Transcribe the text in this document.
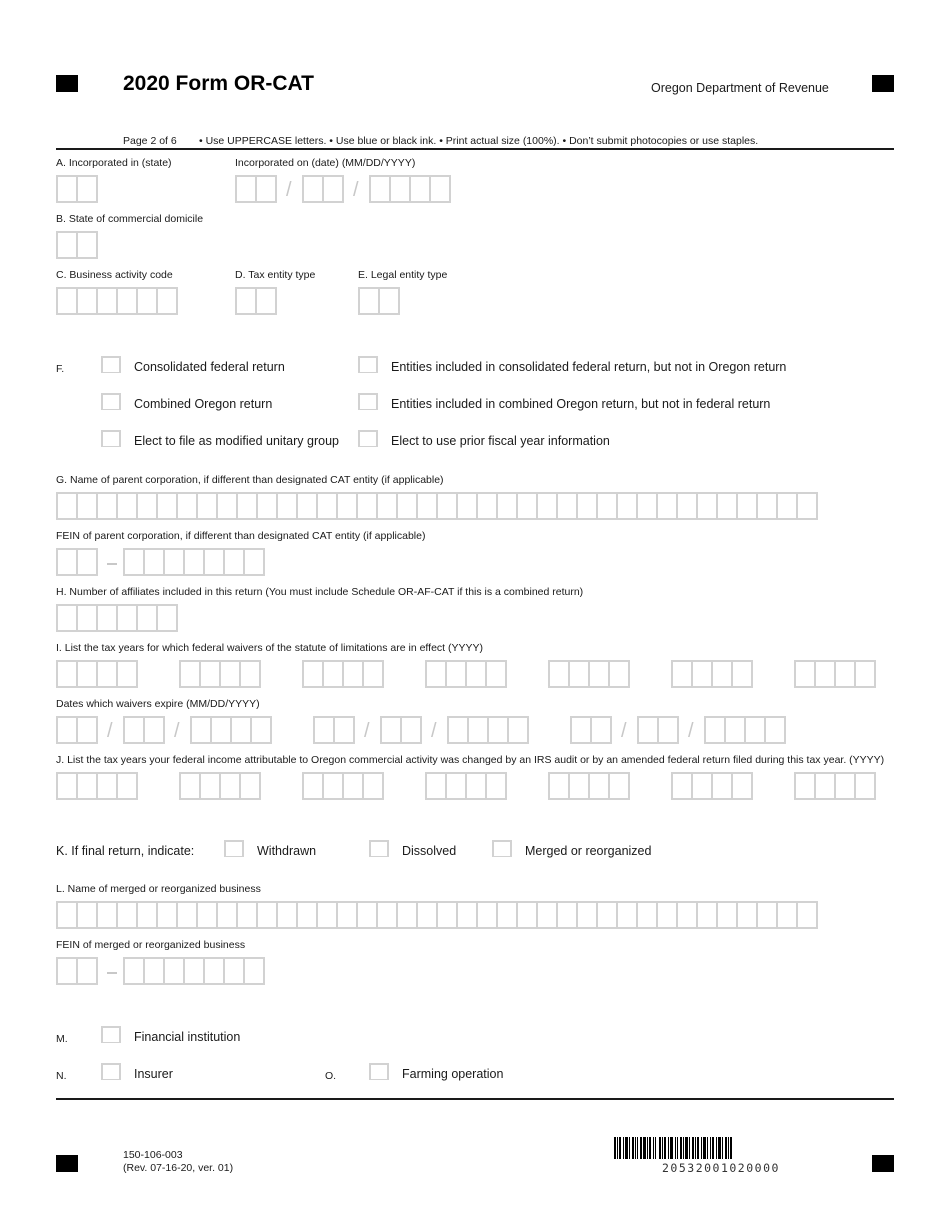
2020 Form OR-CAT	Oregon Department of Revenue
Page 2 of 6 • Use UPPERCASE letters. • Use blue or black ink. • Print actual size (100%). • Don’t submit photocopies or use staples.
A. Incorporated in (state)	Incorporated on (date) (MM/DD/YYYY)
/	/
B. State of commercial domicile
C. Business activity code	D. Tax entity type	E. Legal entity type
F.	Consolidated federal return	Entities included in consolidated federal return, but not in Oregon return
Combined Oregon return	Entities included in combined Oregon return, but not in federal return
Elect to file as modified unitary group	Elect to use prior fiscal year information
G. Name of parent corporation, if different than designated CAT entity (if applicable)
FEIN of parent corporation, if different than designated CAT entity (if applicable)
H. Number of affiliates included in this return (You must include Schedule OR-AF-CAT if this is a combined return)
I. List the tax years for which federal waivers of the statute of limitations are in effect (YYYY)
Dates which waivers expire (MM/DD/YYYY)
/	/	/	/	/	/
J. List the tax years your federal income attributable to Oregon commercial activity was changed by an IRS audit or by an amended federal return filed during this tax year. (YYYY)
K. If final return, indicate:	Withdrawn	Dissolved	Merged or reorganized
L. Name of merged or reorganized business
FEIN of merged or reorganized business
M.	Financial institution
N.	Insurer	O.	Farming operation
150-106-003
(Rev. 07-16-20, ver. 01)	20532001020000
